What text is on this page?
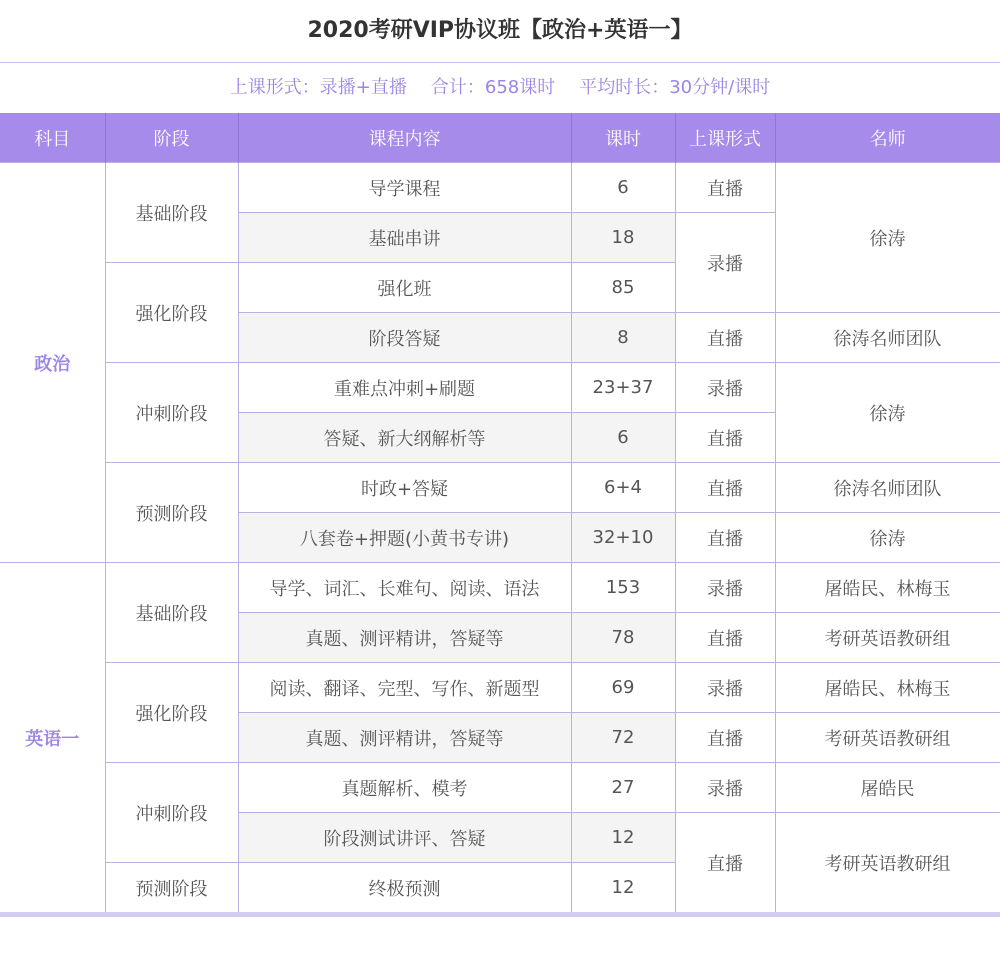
2020考研VIP协议班【政治+英语一】
上课形式：录播+直播 合计：658课时 平均时长：30分钟/课时
科目	阶段	课程内容	课时	上课形式	名师
政治	基础阶段	导学课程	6	直播	徐涛
		基础串讲	18	录播	
	强化阶段	强化班	85		
		阶段答疑	8	直播	徐涛名师团队
	冲刺阶段	重难点冲刺+刷题	23+37	录播	徐涛
		答疑、新大纲解析等	6	直播	
	预测阶段	时政+答疑	6+4	直播	徐涛名师团队
		八套卷+押题(小黄书专讲)	32+10	直播	徐涛
英语一	基础阶段	导学、词汇、长难句、阅读、语法	153	录播	屠皓民、林梅玉
		真题、测评精讲，答疑等	78	直播	考研英语教研组
	强化阶段	阅读、翻译、完型、写作、新题型	69	录播	屠皓民、林梅玉
		真题、测评精讲，答疑等	72	直播	考研英语教研组
	冲刺阶段	真题解析、模考	27	录播	屠皓民
		阶段测试讲评、答疑	12	直播	考研英语教研组
	预测阶段	终极预测	12		
